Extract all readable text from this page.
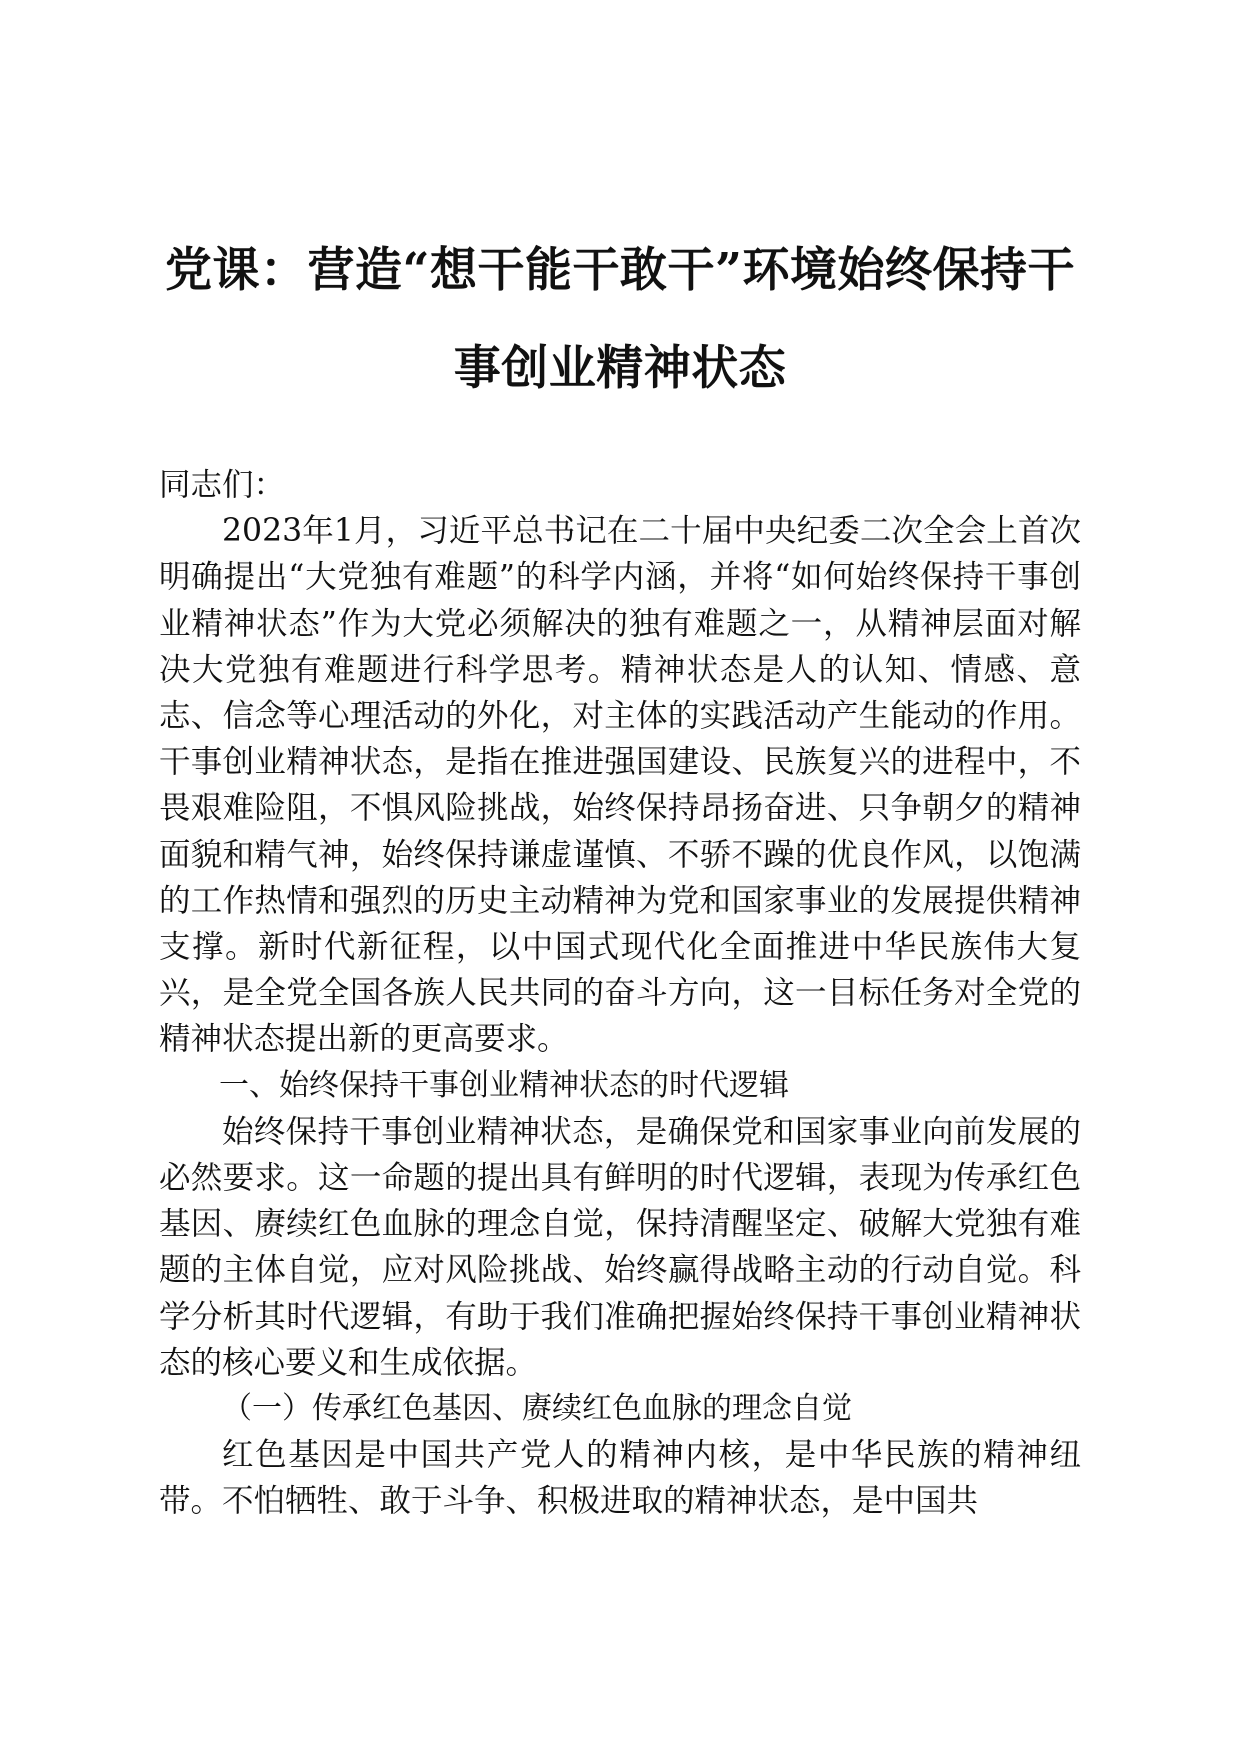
党课：营造“想干能干敢干”环境始终保持干
事创业精神状态

同志们：

2023年1月，习近平总书记在二十届中央纪委二次全会上首次明确提出“大党独有难题”的科学内涵，并将“如何始终保持干事创业精神状态”作为大党必须解决的独有难题之一，从精神层面对解决大党独有难题进行科学思考。精神状态是人的认知、情感、意志、信念等心理活动的外化，对主体的实践活动产生能动的作用。干事创业精神状态，是指在推进强国建设、民族复兴的进程中，不畏艰难险阻，不惧风险挑战，始终保持昂扬奋进、只争朝夕的精神面貌和精气神，始终保持谦虚谨慎、不骄不躁的优良作风，以饱满的工作热情和强烈的历史主动精神为党和国家事业的发展提供精神支撑。新时代新征程，以中国式现代化全面推进中华民族伟大复兴，是全党全国各族人民共同的奋斗方向，这一目标任务对全党的精神状态提出新的更高要求。

一、始终保持干事创业精神状态的时代逻辑

始终保持干事创业精神状态，是确保党和国家事业向前发展的必然要求。这一命题的提出具有鲜明的时代逻辑，表现为传承红色基因、赓续红色血脉的理念自觉，保持清醒坚定、破解大党独有难题的主体自觉，应对风险挑战、始终赢得战略主动的行动自觉。科学分析其时代逻辑，有助于我们准确把握始终保持干事创业精神状态的核心要义和生成依据。

（一）传承红色基因、赓续红色血脉的理念自觉

红色基因是中国共产党人的精神内核，是中华民族的精神纽带。不怕牺牲、敢于斗争、积极进取的精神状态，是中国共
